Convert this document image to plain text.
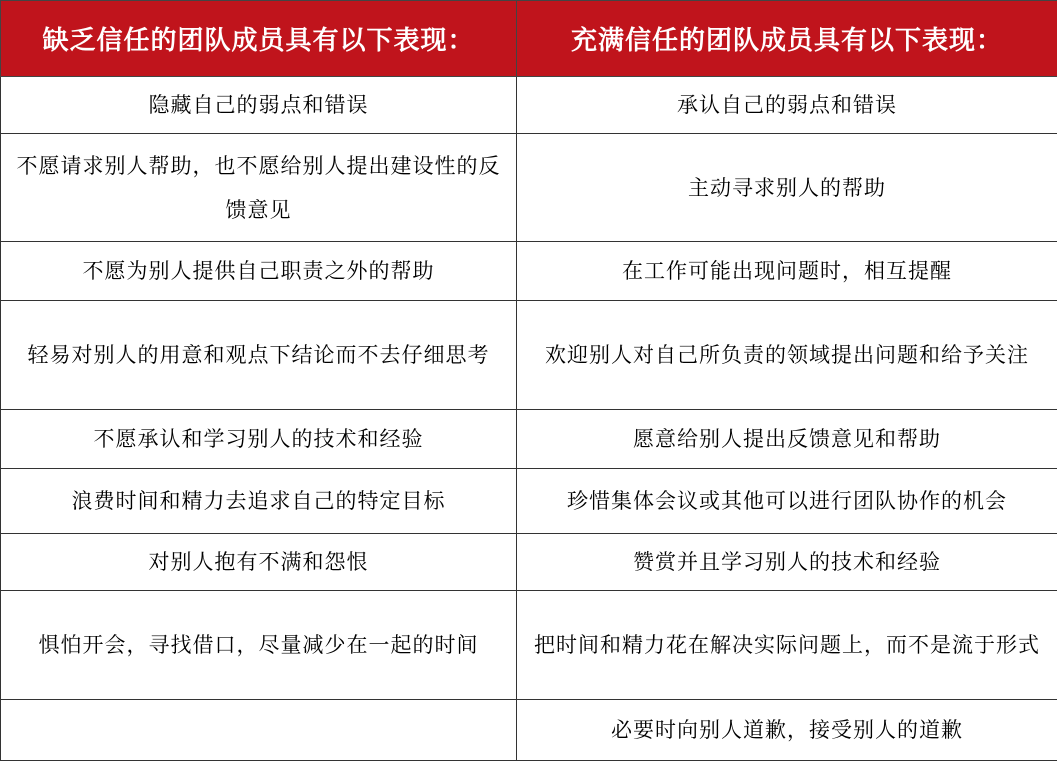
缺乏信任的团队成员具有以下表现：	充满信任的团队成员具有以下表现：
隐藏自己的弱点和错误	承认自己的弱点和错误
不愿请求别人帮助，也不愿给别人提出建设性的反馈意见	主动寻求别人的帮助
不愿为别人提供自己职责之外的帮助	在工作可能出现问题时，相互提醒
轻易对别人的用意和观点下结论而不去仔细思考	欢迎别人对自己所负责的领域提出问题和给予关注
不愿承认和学习别人的技术和经验	愿意给别人提出反馈意见和帮助
浪费时间和精力去追求自己的特定目标	珍惜集体会议或其他可以进行团队协作的机会
对别人抱有不满和怨恨	赞赏并且学习别人的技术和经验
惧怕开会，寻找借口，尽量减少在一起的时间	把时间和精力花在解决实际问题上，而不是流于形式
	必要时向别人道歉，接受别人的道歉
